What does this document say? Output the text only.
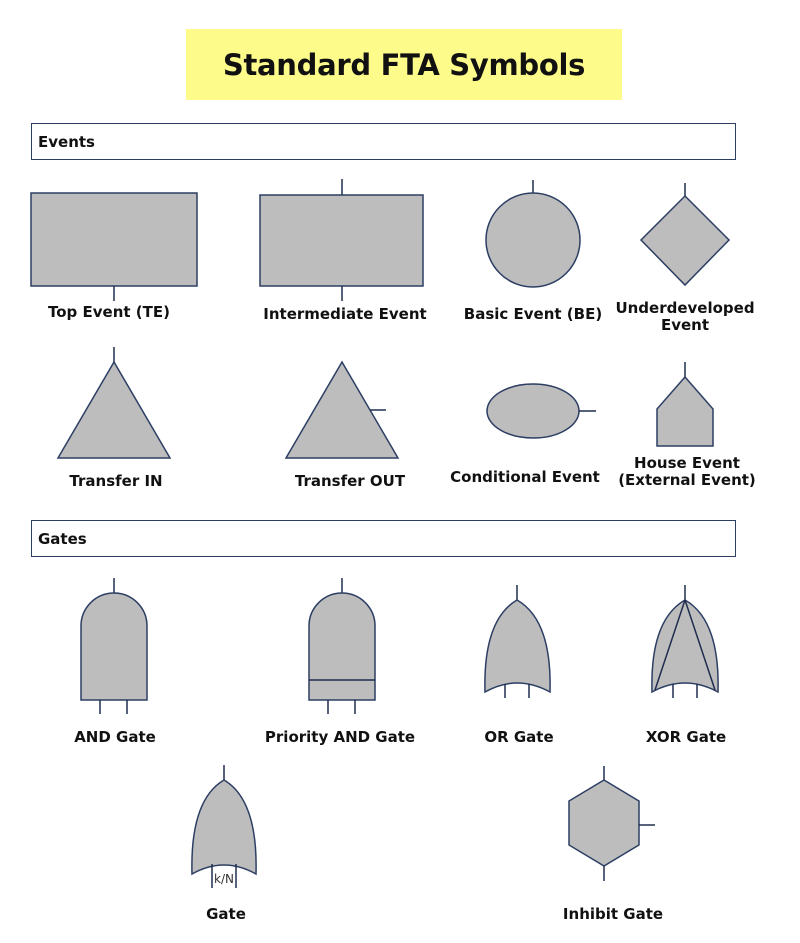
Standard FTA Symbols
Events
Gates
Top Event (TE)	Intermediate Event Basic Event (BE) Underdeveloped
Event
Transfer IN	Transfer OUT	Conditional Event
House Event
(External Event)
AND Gate	Priority AND Gate	OR Gate	XOR Gate
Gate	Inhibit Gate
k/N
